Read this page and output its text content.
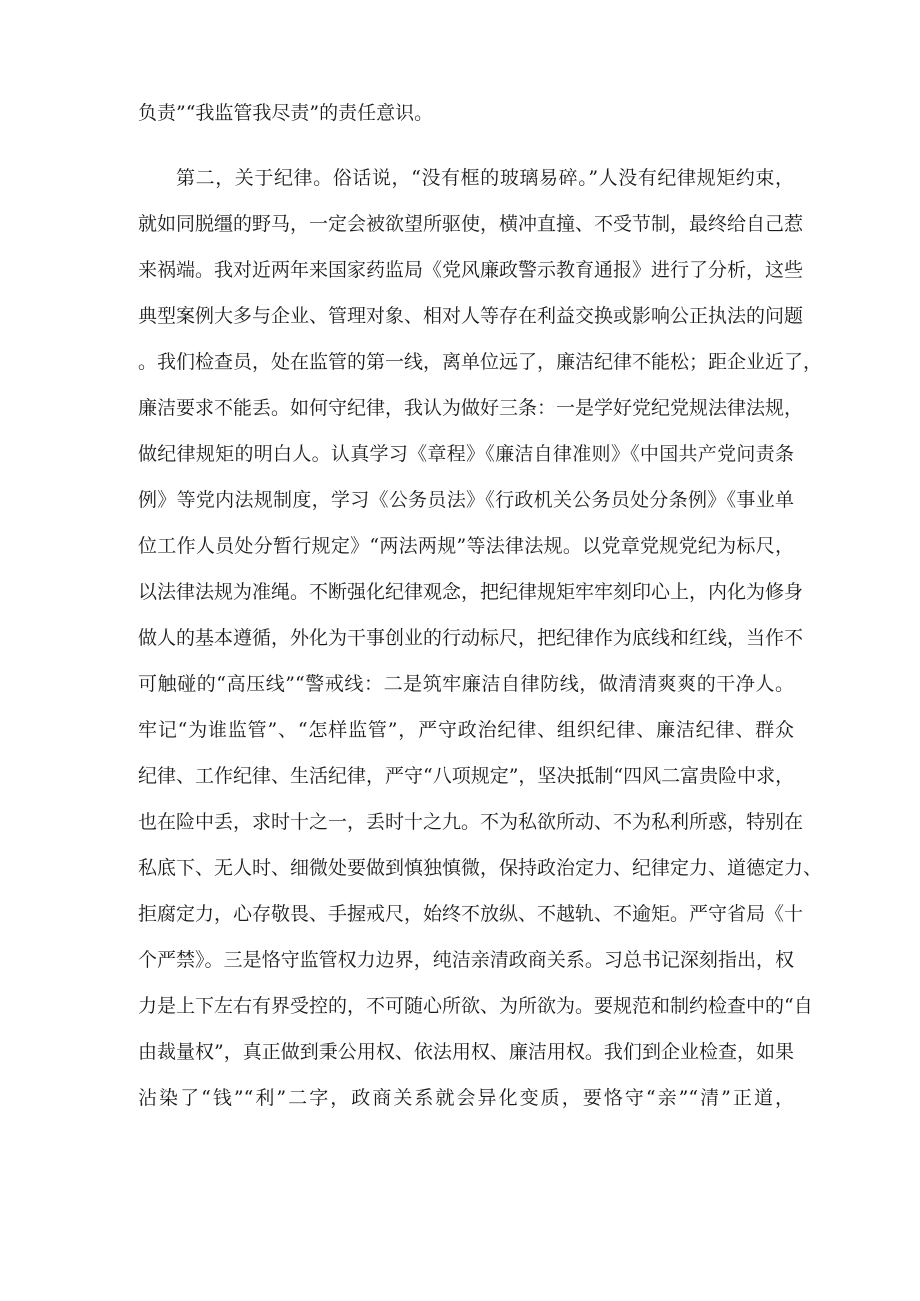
负责”“我监管我尽责”的责任意识。
第二，关于纪律。俗话说，“没有框的玻璃易碎。”人没有纪律规矩约束，
就如同脱缰的野马，一定会被欲望所驱使，横冲直撞、不受节制，最终给自己惹
来祸端。我对近两年来国家药监局《党风廉政警示教育通报》进行了分析，这些
典型案例大多与企业、管理对象、相对人等存在利益交换或影响公正执法的问题
。我们检查员，处在监管的第一线，离单位远了，廉洁纪律不能松；距企业近了，
廉洁要求不能丢。如何守纪律，我认为做好三条：一是学好党纪党规法律法规，
做纪律规矩的明白人。认真学习《章程》《廉洁自律准则》《中国共产党问责条
例》等党内法规制度，学习《公务员法》《行政机关公务员处分条例》《事业单
位工作人员处分暂行规定》“两法两规”等法律法规。以党章党规党纪为标尺，
以法律法规为准绳。不断强化纪律观念，把纪律规矩牢牢刻印心上，内化为修身
做人的基本遵循，外化为干事创业的行动标尺，把纪律作为底线和红线，当作不
可触碰的“高压线”“警戒线：二是筑牢廉洁自律防线，做清清爽爽的干净人。
牢记“为谁监管”、“怎样监管”，严守政治纪律、组织纪律、廉洁纪律、群众
纪律、工作纪律、生活纪律，严守“八项规定”，坚决抵制“四风二富贵险中求，
也在险中丢，求时十之一，丢时十之九。不为私欲所动、不为私利所惑，特别在
私底下、无人时、细微处要做到慎独慎微，保持政治定力、纪律定力、道德定力、
拒腐定力，心存敬畏、手握戒尺，始终不放纵、不越轨、不逾矩。严守省局《十
个严禁》。三是恪守监管权力边界，纯洁亲清政商关系。习总书记深刻指出，权
力是上下左右有界受控的，不可随心所欲、为所欲为。要规范和制约检查中的“自
由裁量权”，真正做到秉公用权、依法用权、廉洁用权。我们到企业检查，如果
沾染了“钱”“利”二字，政商关系就会异化变质，要恪守“亲”“清”正道，
